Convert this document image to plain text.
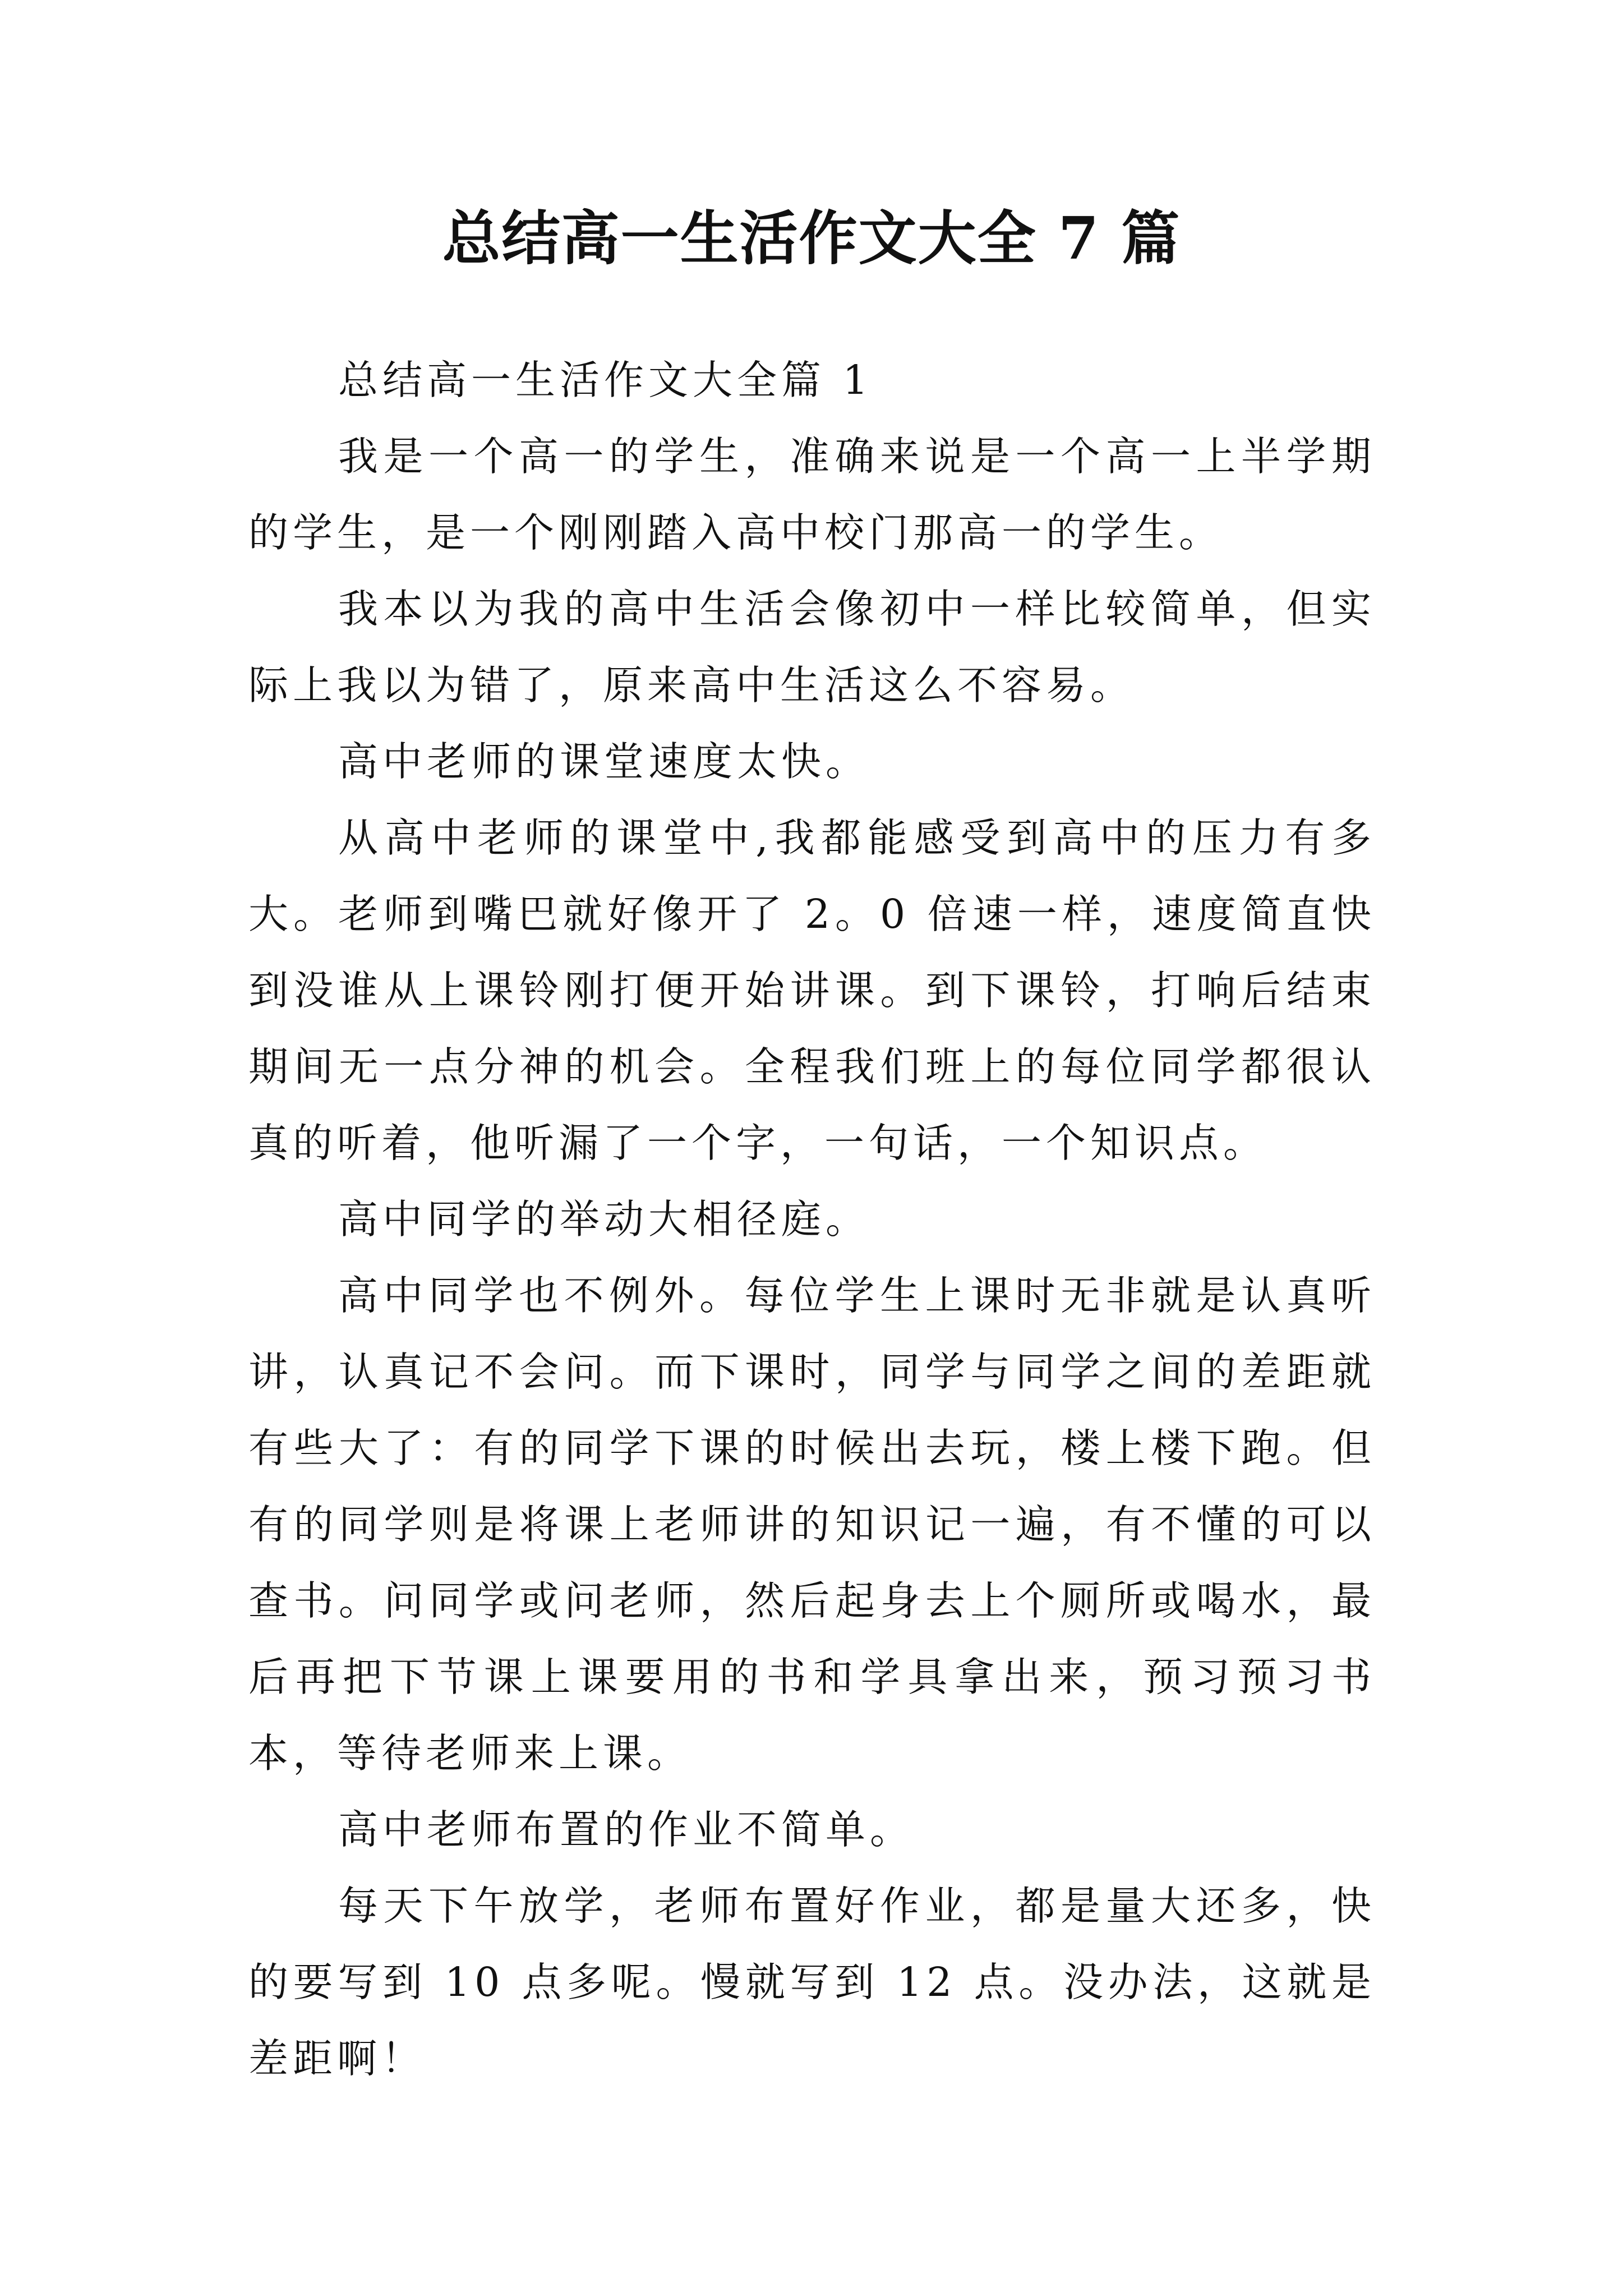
总结高一生活作文大全 7 篇

总结高一生活作文大全篇 1

我是一个高一的学生，准确来说是一个高一上半学期的学生，是一个刚刚踏入高中校门那高一的学生。

我本以为我的高中生活会像初中一样比较简单，但实际上我以为错了，原来高中生活这么不容易。

高中老师的课堂速度太快。

从高中老师的课堂中,我都能感受到高中的压力有多大。老师到嘴巴就好像开了 2。0 倍速一样，速度简直快到没谁从上课铃刚打便开始讲课。到下课铃，打响后结束期间无一点分神的机会。全程我们班上的每位同学都很认真的听着，他听漏了一个字，一句话，一个知识点。

高中同学的举动大相径庭。

高中同学也不例外。每位学生上课时无非就是认真听讲，认真记不会问。而下课时，同学与同学之间的差距就有些大了：有的同学下课的时候出去玩，楼上楼下跑。但有的同学则是将课上老师讲的知识记一遍，有不懂的可以查书。问同学或问老师，然后起身去上个厕所或喝水，最后再把下节课上课要用的书和学具拿出来，预习预习书本，等待老师来上课。

高中老师布置的作业不简单。

每天下午放学，老师布置好作业，都是量大还多，快的要写到 10 点多呢。慢就写到 12 点。没办法，这就是差距啊！
